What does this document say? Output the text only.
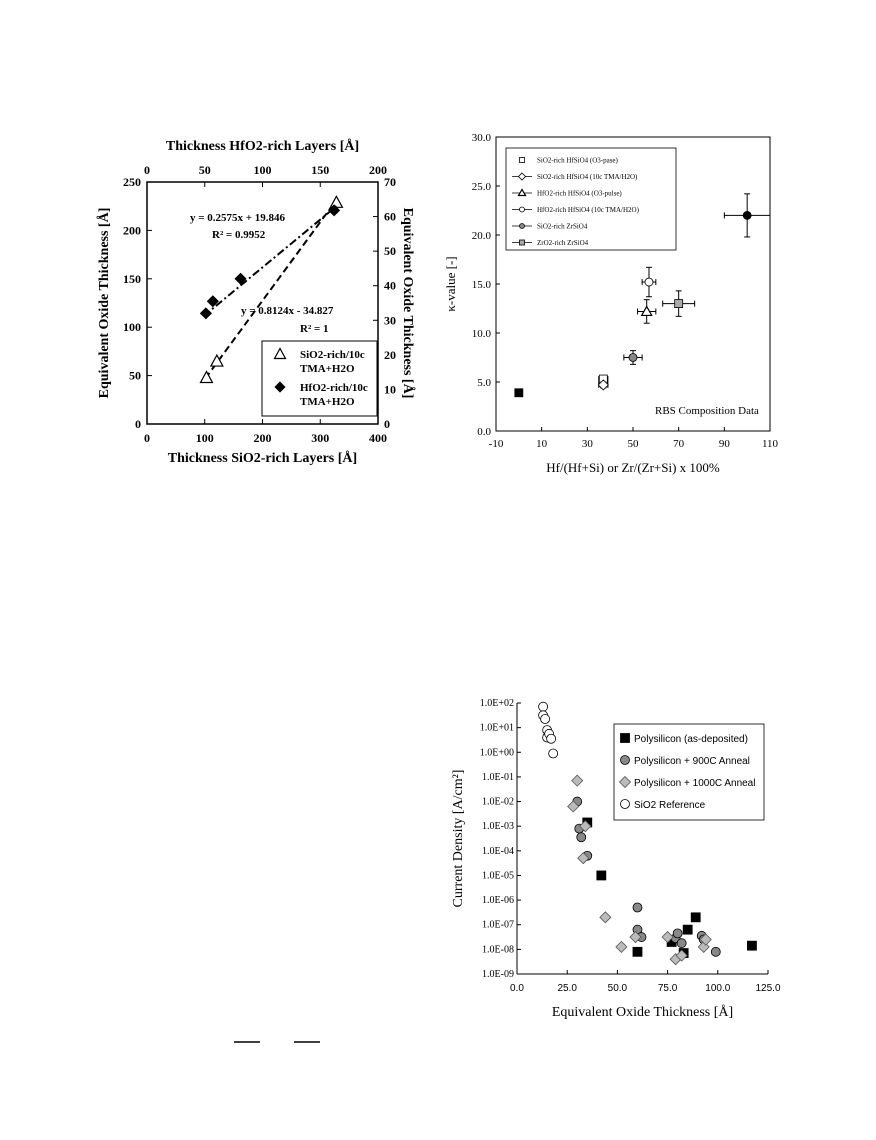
0	100	200	300	400
0	50	100	150	200
0
50
100
150
200
250
0
10
20
30
40
50
60
70
Thickness HfO2-rich Layers [Å]
Thickness SiO2-rich Layers [Å]
Equivalent Oxide Thickness [Å]	Equivalent Oxide Thickness [Å]
y = 0.2575x + 19.846
R² = 0.9952
y = 0.8124x - 34.827
R² = 1
SiO2-rich/10c
TMA+H2O
HfO2-rich/10c
TMA+H2O
-10	10	30	50	70	90	110
0.0
5.0
10.0
15.0
20.0
25.0
30.0
Hf/(Hf+Si) or Zr/(Zr+Si) x 100%
κ-value [-]
RBS Composition Data
SiO2-rich HfSiO4 (O3-pase)
SiO2-rich HfSiO4 (10c TMA/H2O)
HfO2-rich HfSiO4 (O3-pulse)
HfO2-rich HfSiO4 (10c TMA/H2O)
SiO2-rich ZrSiO4
ZrO2-rich ZrSiO4
0.0	25.0	50.0	75.0	100.0	125.0
1.0E-09
1.0E-08
1.0E-07
1.0E-06
1.0E-05
1.0E-04
1.0E-03
1.0E-02
1.0E-01
1.0E+00
1.0E+01
1.0E+02
Equivalent Oxide Thickness [Å]
Current Density [A/cm²]
Polysilicon (as-deposited)
Polysilicon + 900C Anneal
Polysilicon + 1000C Anneal
SiO2 Reference
